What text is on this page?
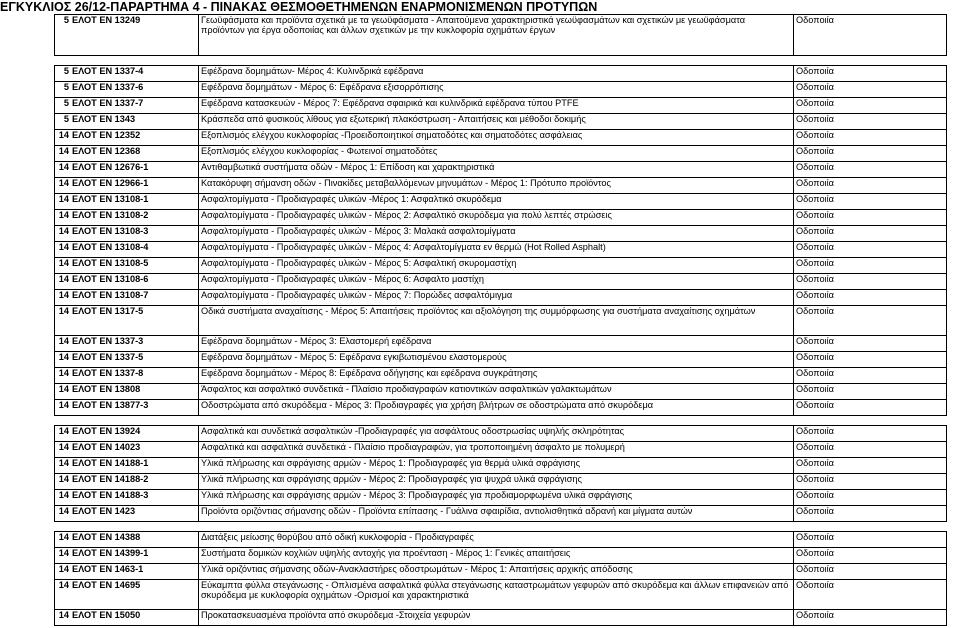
ΕΓΚΥΚΛΙΟΣ 26/12-ΠΑΡΑΡΤΗΜΑ 4 - ΠΙΝΑΚΑΣ ΘΕΣΜΟΘΕΤΗΜΕΝΩΝ ΕΝΑΡΜΟΝΙΣΜΕΝΩΝ ΠΡΟΤΥΠΩΝ
5	ΕΛΟΤ ΕΝ 13249	Γεωϋφάσματα και προϊόντα σχετικά με τα γεωϋφάσματα - Απαιτούμενα χαρακτηριστικά γεωϋφασμάτων και σχετικών με γεωϋφάσματα προϊόντων για έργα οδοποιίας και άλλων σχετικών με την κυκλοφορία οχημάτων έργων	Οδοποιία

5	ΕΛΟΤ ΕΝ 1337-4	Εφέδρανα δομημάτων- Μέρος 4: Κυλινδρικά εφέδρανα	Οδοποιία
5	ΕΛΟΤ ΕΝ 1337-6	Εφέδρανα δομημάτων - Μέρος 6: Εφέδρανα εξισορρόπισης	Οδοποιία
5	ΕΛΟΤ ΕΝ 1337-7	Εφέδρανα κατασκευών - Μέρος 7: Εφέδρανα σφαιρικά και κυλινδρικά εφέδρανα τύπου PTFE	Οδοποιία
5	ΕΛΟΤ ΕΝ 1343	Κράσπεδα από φυσικούς λίθους για εξωτερική πλακόστρωση - Απαιτήσεις και μέθοδοι δοκιμής	Οδοποιία
14	ΕΛΟΤ ΕΝ 12352	Εξοπλισμός ελέγχου κυκλοφορίας -Προειδοποιητικοί σηματοδότες και σηματοδότες ασφάλειας	Οδοποιία
14	ΕΛΟΤ ΕΝ 12368	Εξοπλισμός ελέγχου κυκλοφορίας - Φωτεινοί σηματοδότες	Οδοποιία
14	ΕΛΟΤ ΕΝ 12676-1	Αντιθαμβωτικά συστήματα οδών - Μέρος 1: Επίδοση και χαρακτηριστικά	Οδοποιία
14	ΕΛΟΤ ΕΝ 12966-1	Κατακόρυφη σήμανση οδών - Πινακίδες μεταβαλλόμενων μηνυμάτων - Μέρος 1: Πρότυπο προϊόντος	Οδοποιία
14	ΕΛΟΤ ΕΝ 13108-1	Ασφαλτομίγματα - Προδιαγραφές υλικών -Μέρος 1: Ασφαλτικό σκυρόδεμα	Οδοποιία
14	ΕΛΟΤ ΕΝ 13108-2	Ασφαλτομίγματα - Προδιαγραφές υλικών - Μέρος 2: Ασφαλτικό σκυρόδεμα για πολύ λεπτές στρώσεις	Οδοποιία
14	ΕΛΟΤ ΕΝ 13108-3	Ασφαλτομίγματα - Προδιαγραφές υλικών - Μέρος 3: Μαλακά ασφαλτομίγματα	Οδοποιία
14	ΕΛΟΤ ΕΝ 13108-4	Ασφαλτομίγματα - Προδιαγραφές υλικών - Μέρος 4: Ασφαλτομίγματα εν θερμώ (Hot Rolled Asphalt)	Οδοποιία
14	ΕΛΟΤ ΕΝ 13108-5	Ασφαλτομίγματα - Προδιαγραφές υλικών - Μέρος 5: Ασφαλτική σκυρομαστίχη	Οδοποιία
14	ΕΛΟΤ ΕΝ 13108-6	Ασφαλτομίγματα - Προδιαγραφές υλικών - Μέρος 6: Ασφαλτο μαστίχη	Οδοποιία
14	ΕΛΟΤ ΕΝ 13108-7	Ασφαλτομίγματα - Προδιαγραφές υλικών - Μέρος 7: Πορώδες ασφαλτόμιγμα	Οδοποιία
14	ΕΛΟΤ ΕΝ 1317-5	Οδικά συστήματα αναχαίτισης - Μέρος 5: Απαιτήσεις προϊόντος και αξιολόγηση της συμμόρφωσης για συστήματα αναχαίτισης οχημάτων	Οδοποιία
14	ΕΛΟΤ ΕΝ 1337-3	Εφέδρανα δομημάτων - Μέρος 3: Ελαστομερή εφέδρανα	Οδοποιία
14	ΕΛΟΤ ΕΝ 1337-5	Εφέδρανα δομημάτων - Μέρος 5: Εφέδρανα εγκιβωτισμένου ελαστομερούς	Οδοποιία
14	ΕΛΟΤ ΕΝ 1337-8	Εφέδρανα δομημάτων - Μέρος 8: Εφέδρανα οδήγησης και εφέδρανα συγκράτησης	Οδοποιία
14	ΕΛΟΤ ΕΝ 13808	Άσφαλτος και ασφαλτικό συνδετικά - Πλαίσιο προδιαγραφών κατιοντικών ασφαλτικών γαλακτωμάτων	Οδοποιία
14	ΕΛΟΤ ΕΝ 13877-3	Οδοστρώματα από σκυρόδεμα - Μέρος 3: Προδιαγραφές για χρήση βλήτρων σε οδοστρώματα από σκυρόδεμα	Οδοποιία

14	ΕΛΟΤ ΕΝ 13924	Ασφαλτικά και συνδετικά ασφαλτικών -Προδιαγραφές για ασφάλτους οδοστρωσίας υψηλής σκληρότητας	Οδοποιία
14	ΕΛΟΤ ΕΝ 14023	Ασφαλτικά και ασφαλτικά συνδετικά - Πλαίσιο προδιαγραφών, για τροποποιημένη άσφαλτο με πολυμερή	Οδοποιία
14	ΕΛΟΤ ΕΝ 14188-1	Υλικά πλήρωσης και σφράγισης αρμών - Μέρος 1: Προδιαγραφές για θερμά υλικά σφράγισης	Οδοποιία
14	ΕΛΟΤ ΕΝ 14188-2	Υλικά πλήρωσης και σφράγισης αρμών - Μέρος 2: Προδιαγραφές για ψυχρά υλικά σφράγισης	Οδοποιία
14	ΕΛΟΤ ΕΝ 14188-3	Υλικά πλήρωσης και σφράγισης αρμών - Μέρος 3: Προδιαγραφές για προδιαμορφωμένα υλικά σφράγισης	Οδοποιία
14	ΕΛΟΤ ΕΝ 1423	Προϊόντα οριζόντιας σήμανσης οδών - Προϊόντα επίπασης - Γυάλινα σφαιρίδια, αντιολισθητικά αδρανή και μίγματα αυτών	Οδοποιία

14	ΕΛΟΤ ΕΝ 14388	Διατάξεις μείωσης θορύβου από οδική κυκλοφορία - Προδιαγραφές	Οδοποιία
14	ΕΛΟΤ ΕΝ 14399-1	Συστήματα δομικών κοχλιών υψηλής αντοχής για προένταση - Μέρος 1: Γενικές απαιτήσεις	Οδοποιία
14	ΕΛΟΤ ΕΝ 1463-1	Υλικά οριζόντιας σήμανσης οδών-Ανακλαστήρες οδοστρωμάτων - Μέρος 1: Απαιτήσεις αρχικής απόδοσης	Οδοποιία
14	ΕΛΟΤ ΕΝ 14695	Εύκαμπτα φύλλα στεγάνωσης - Οπλισμένα ασφαλτικά φύλλα στεγάνωσης καταστρωμάτων γεφυρών από σκυρόδεμα και άλλων επιφανειών από σκυρόδεμα με κυκλοφορία οχημάτων -Ορισμοί και χαρακτηριστικά	Οδοποιία
14	ΕΛΟΤ ΕΝ 15050	Προκατασκευασμένα προϊόντα από σκυρόδεμα -Στοιχεία γεφυρών	Οδοποιία
